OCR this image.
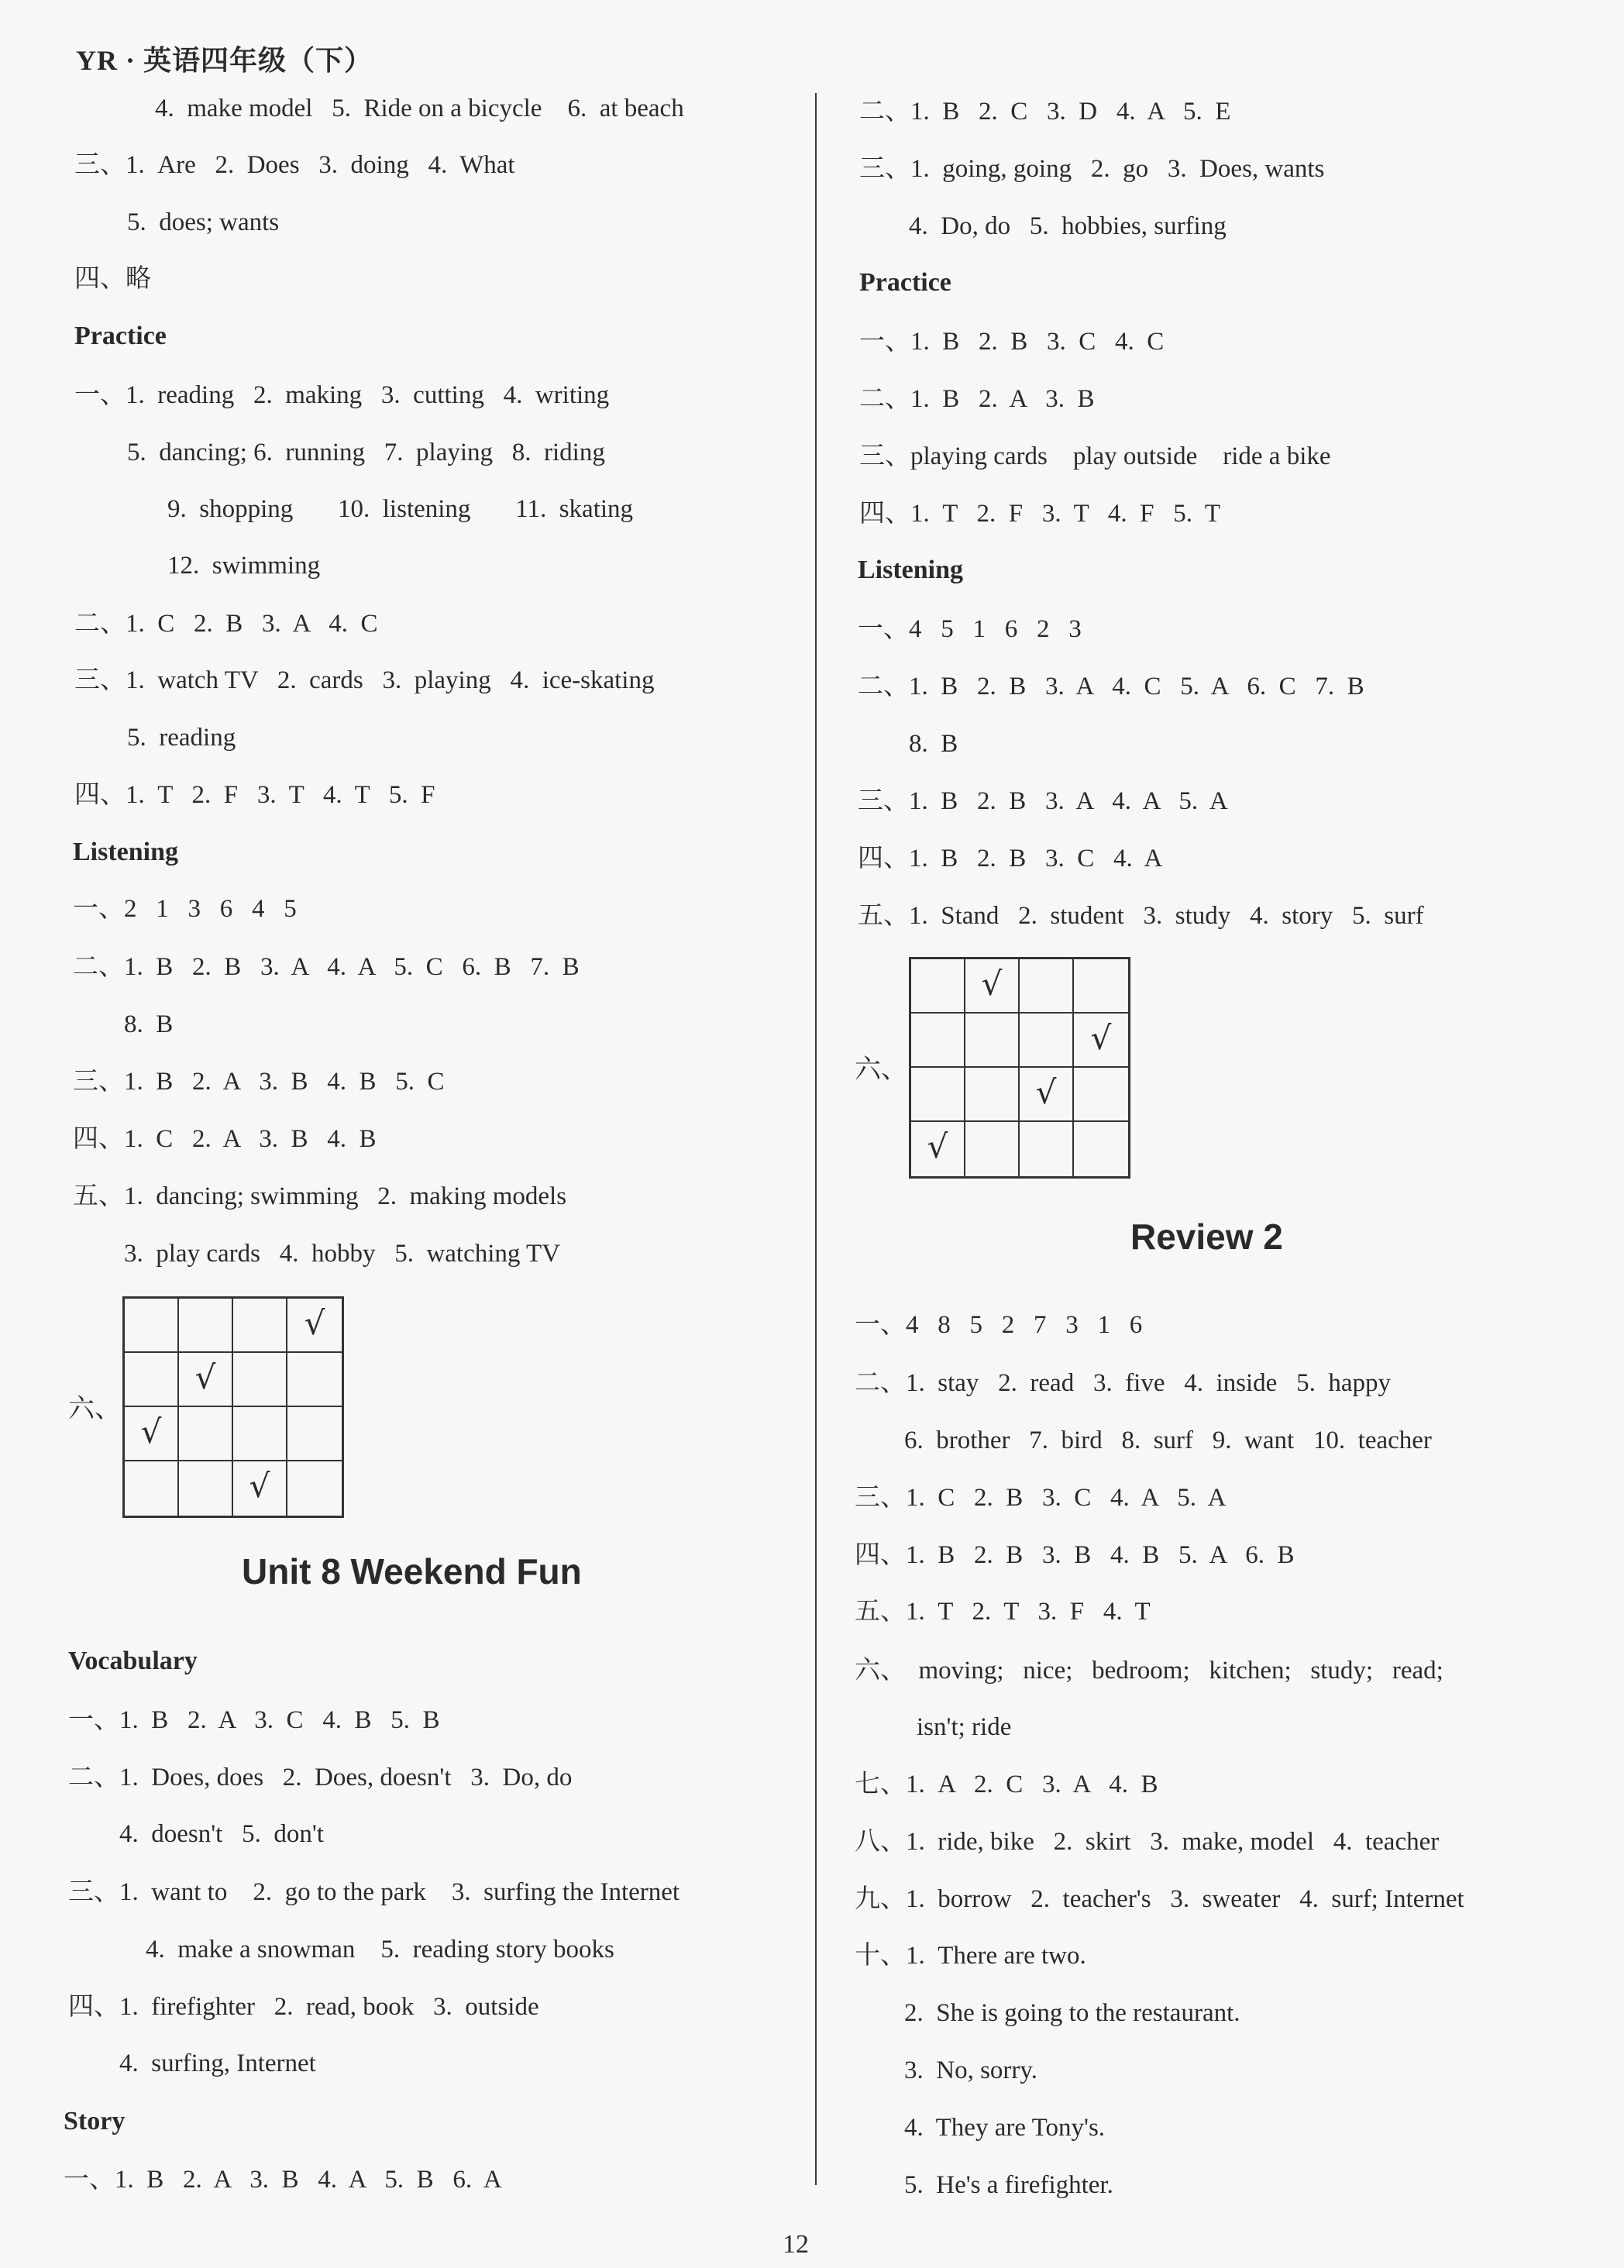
YR · 英语四年级（下）
4.  make model   5.  Ride on a bicycle    6.  at beach
三、1.  Are   2.  Does   3.  doing   4.  What
5.  does; wants
四、略
Practice
一、1.  reading   2.  making   3.  cutting   4.  writing
5.  dancing; 6.  running   7.  playing   8.  riding
9.  shopping       10.  listening       11.  skating
12.  swimming
二、1.  C   2.  B   3.  A   4.  C
三、1.  watch TV   2.  cards   3.  playing   4.  ice-skating
5.  reading
四、1.  T   2.  F   3.  T   4.  T   5.  F
Listening
一、2   1   3   6   4   5
二、1.  B   2.  B   3.  A   4.  A   5.  C   6.  B   7.  B
8.  B
三、1.  B   2.  A   3.  B   4.  B   5.  C
四、1.  C   2.  A   3.  B   4.  B
五、1.  dancing; swimming   2.  making models
3.  play cards   4.  hobby   5.  watching TV
六、
√
√
√
√
Unit 8 Weekend Fun
Vocabulary
一、1.  B   2.  A   3.  C   4.  B   5.  B
二、1.  Does, does   2.  Does, doesn't   3.  Do, do
4.  doesn't   5.  don't
三、1.  want to    2.  go to the park    3.  surfing the Internet
4.  make a snowman    5.  reading story books
四、1.  firefighter   2.  read, book   3.  outside
4.  surfing, Internet
Story
一、1.  B   2.  A   3.  B   4.  A   5.  B   6.  A
二、1.  B   2.  C   3.  D   4.  A   5.  E
三、1.  going, going   2.  go   3.  Does, wants
4.  Do, do   5.  hobbies, surfing
Practice
一、1.  B   2.  B   3.  C   4.  C
二、1.  B   2.  A   3.  B
三、playing cards    play outside    ride a bike
四、1.  T   2.  F   3.  T   4.  F   5.  T
Listening
一、4   5   1   6   2   3
二、1.  B   2.  B   3.  A   4.  C   5.  A   6.  C   7.  B
8.  B
三、1.  B   2.  B   3.  A   4.  A   5.  A
四、1.  B   2.  B   3.  C   4.  A
五、1.  Stand   2.  student   3.  study   4.  story   5.  surf
六、
√
√
√
√
Review 2
一、4   8   5   2   7   3   1   6
二、1.  stay   2.  read   3.  five   4.  inside   5.  happy
6.  brother   7.  bird   8.  surf   9.  want   10.  teacher
三、1.  C   2.  B   3.  C   4.  A   5.  A
四、1.  B   2.  B   3.  B   4.  B   5.  A   6.  B
五、1.  T   2.  T   3.  F   4.  T
六、  moving;   nice;   bedroom;   kitchen;   study;   read;
isn't; ride
七、1.  A   2.  C   3.  A   4.  B
八、1.  ride, bike   2.  skirt   3.  make, model   4.  teacher
九、1.  borrow   2.  teacher's   3.  sweater   4.  surf; Internet
十、1.  There are two.
2.  She is going to the restaurant.
3.  No, sorry.
4.  They are Tony's.
5.  He's a firefighter.
12
